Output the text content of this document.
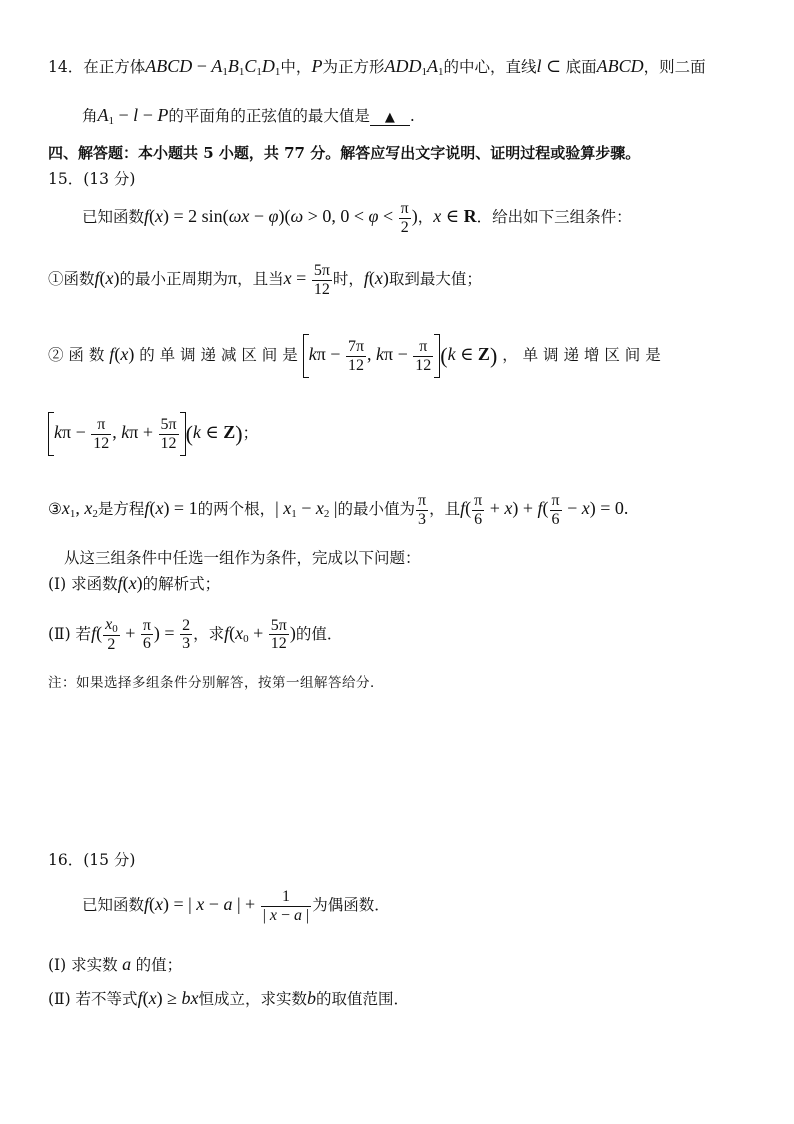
14．在正方体ABCD − $A_1B_1C_1D_1$中，P为正方形$ADD_1A_1$的中心，直线l ⊂ 底面ABCD，则二面
角$A_1 - l - P$的平面角的正弦值的最大值是 ▲ .
四、解答题：本小题共 5 小题，共 77 分。解答应写出文字说明、证明过程或验算步骤。
15．(13 分)
已知函数f(x) = 2 sin(ωx − φ)(ω > 0, $0 < \varphi < \frac{\pi}{2}$ )，x ∈ R．给出如下三组条件：
①函数f(x)的最小正周期为π，且当$x = \frac{5\pi}{12}$ 时，f(x)取到最大值；
② 函 数 f(x) 的 单 调 递 减 区 间 是 $k\pi - \frac{7\pi}{12}$ , $k\pi - \frac{\pi}{12} (k$ ∈ Z) ， 单 调 递 增 区 间 是
$k\pi - \frac{\pi}{12}$ , $k\pi + \frac{5\pi}{12} (k$ ∈ Z)；
$③x_1$, $x_2$是方程f(x) = 1的两个根，| $x_1 - x_2$ |的最小值为 $\frac{\pi}{3}$ ，且$f( \frac{\pi}{6} + x) + f( \frac{\pi}{6} - x) = 0$.
从这三组条件中任选一组作为条件，完成以下问题：
(Ⅰ) 求函数f(x)的解析式；
(Ⅱ) 若$f( \frac{x_0}{2} + \frac{\pi}{6}$ ) = $\frac{2}{3}$ ，求$f(x_0 + \frac{5\pi}{12}$ )的值．
注：如果选择多组条件分别解答，按第一组解答给分．
16．(15 分)
已知函数f(x) = | x − a | + $\frac{1}{| x - a |}$ 为偶函数．
(Ⅰ) 求实数 a 的值；
(Ⅱ) 若不等式f(x) ≥ bx恒成立，求实数b的取值范围．
